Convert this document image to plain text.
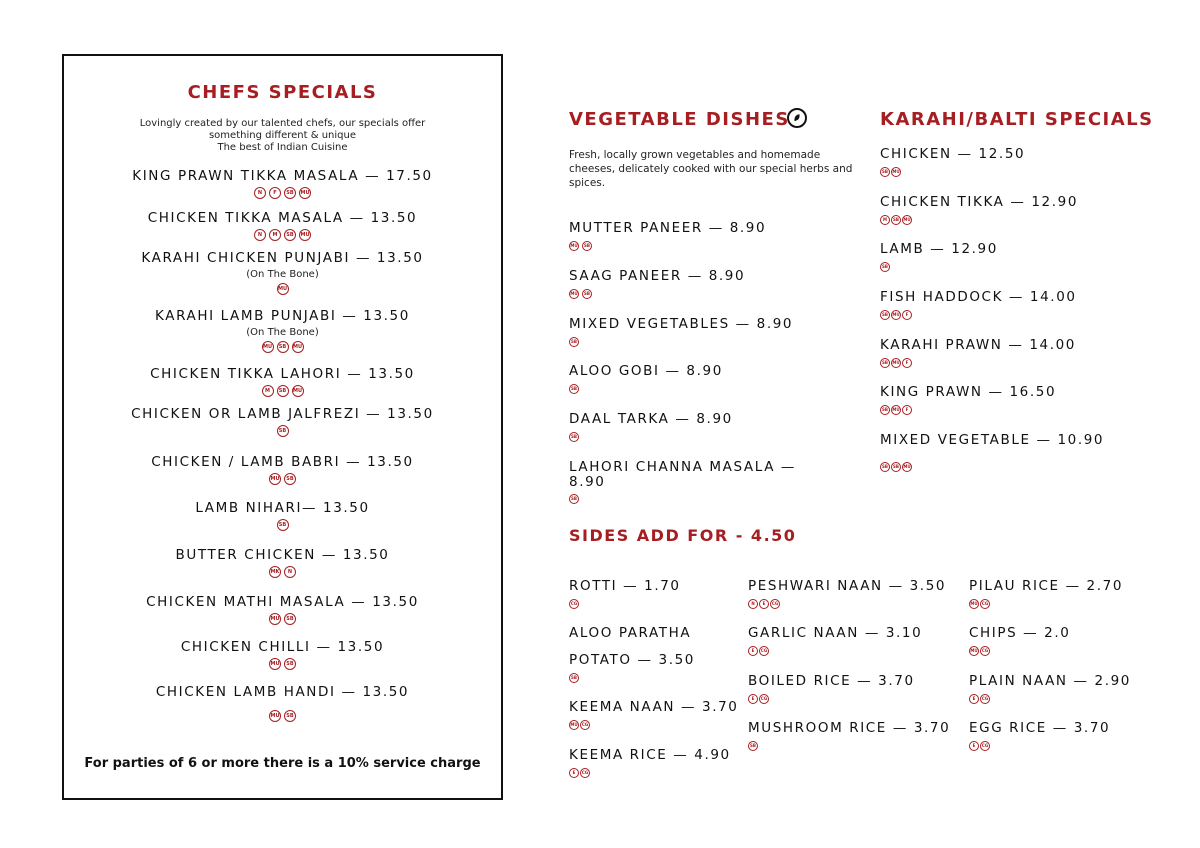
CHEFS SPECIALS
Lovingly created by our talented chefs, our specials offer
something different & unique
The best of Indian Cuisine
KING PRAWN TIKKA MASALA — 17.50
N	F	SB	MU
CHICKEN TIKKA MASALA — 13.50
N	M	SB	MU
KARAHI CHICKEN PUNJABI — 13.50
(On The Bone)
MU
KARAHI LAMB PUNJABI — 13.50
(On The Bone)
MU	SB	MU
CHICKEN TIKKA LAHORI — 13.50
M	SB	MU
CHICKEN OR LAMB JALFREZI — 13.50
SB
CHICKEN / LAMB BABRI — 13.50
MU	SB
LAMB NIHARI— 13.50
SB
BUTTER CHICKEN — 13.50
MK	N
CHICKEN MATHI MASALA — 13.50
MU	SB
CHICKEN CHILLI — 13.50
MU	SB
CHICKEN LAMB HANDI — 13.50
MU	SB
For parties of 6 or more there is a 10% service charge
VEGETABLE DISHES
Fresh, locally grown vegetables and homemade
cheeses, delicately cooked with our special herbs and
spices.
MUTTER PANEER — 8.90
MU	SB
SAAG PANEER — 8.90
MU	SB
MIXED VEGETABLES — 8.90
SB
ALOO GOBI — 8.90
SB
DAAL TARKA — 8.90
SB
LAHORI CHANNA MASALA —
8.90
SB
KARAHI/BALTI SPECIALS
CHICKEN — 12.50
SB	MU
CHICKEN TIKKA — 12.90
M	SB	MU
LAMB — 12.90
SB
FISH HADDOCK — 14.00
SB	MU	F
KARAHI PRAWN — 14.00
SB	MU	F
KING PRAWN — 16.50
SB	MU	F
MIXED VEGETABLE — 10.90
SB	SB	MU
SIDES ADD FOR - 4.50
ROTTI — 1.70
CG
ALOO PARATHA
POTATO — 3.50
SB
KEEMA NAAN — 3.70
MU	CG
KEEMA RICE — 4.90
E	CG
PESHWARI NAAN — 3.50
N	E	CG
GARLIC NAAN — 3.10
E	CG
BOILED RICE — 3.70
E	CG
MUSHROOM RICE — 3.70
SB
PILAU RICE — 2.70
MU	CG
CHIPS — 2.0
MU	CG
PLAIN NAAN — 2.90
E	CG
EGG RICE — 3.70
E	CG
